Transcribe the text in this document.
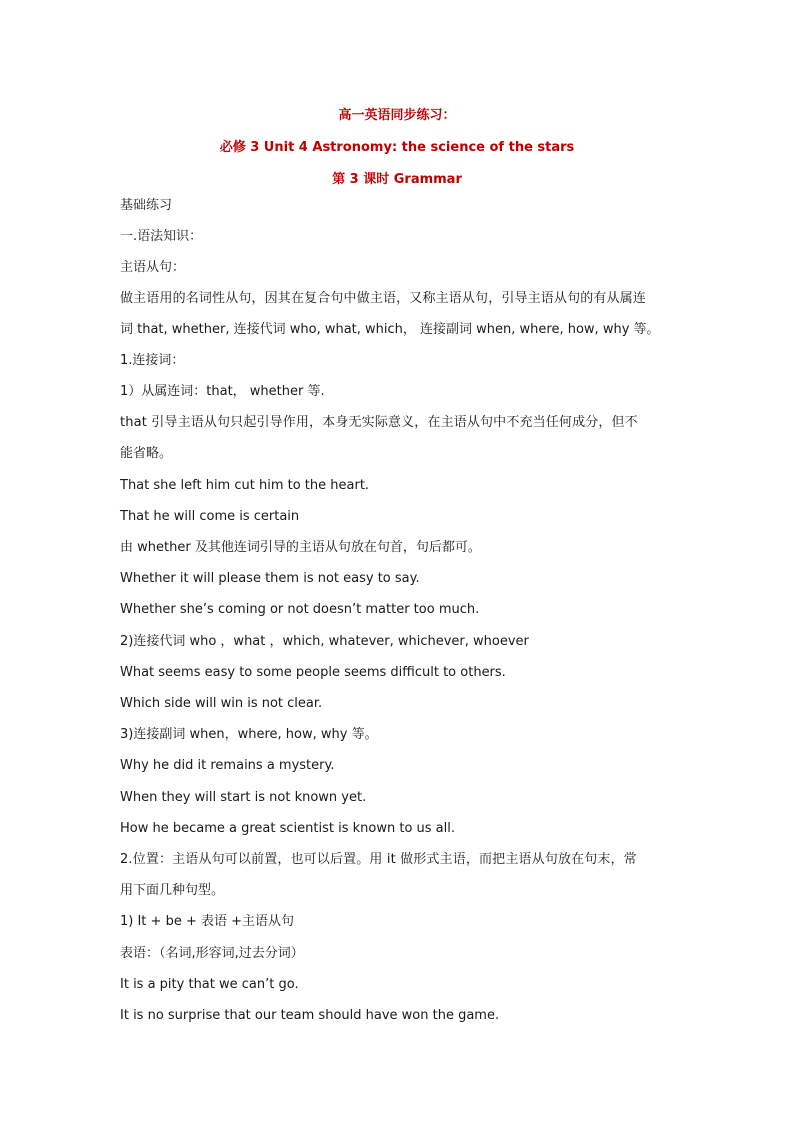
高一英语同步练习：
必修 3 Unit 4 Astronomy: the science of the stars
第 3 课时 Grammar
基础练习
一.语法知识：
主语从句：
做主语用的名词性从句，因其在复合句中做主语，又称主语从句，引导主语从句的有从属连
词 that, whether, 连接代词 who, what, which， 连接副词 when, where, how, why 等。
1.连接词：
1）从属连词：that， whether 等.
that 引导主语从句只起引导作用，本身无实际意义，在主语从句中不充当任何成分，但不
能省略。
That she left him cut him to the heart.
That he will come is certain
由 whether 及其他连词引导的主语从句放在句首，句后都可。
Whether it will please them is not easy to say.
Whether she’s coming or not doesn’t matter too much.
2)连接代词 who ，what ，which, whatever, whichever, whoever
What seems easy to some people seems difficult to others.
Which side will win is not clear.
3)连接副词 when，where, how, why 等。
Why he did it remains a mystery.
When they will start is not known yet.
How he became a great scientist is known to us all.
2.位置：主语从句可以前置，也可以后置。用 it 做形式主语，而把主语从句放在句末，常
用下面几种句型。
1) It + be + 表语 +主语从句
表语：（名词,形容词,过去分词）
It is a pity that we can’t go.
It is no surprise that our team should have won the game.
